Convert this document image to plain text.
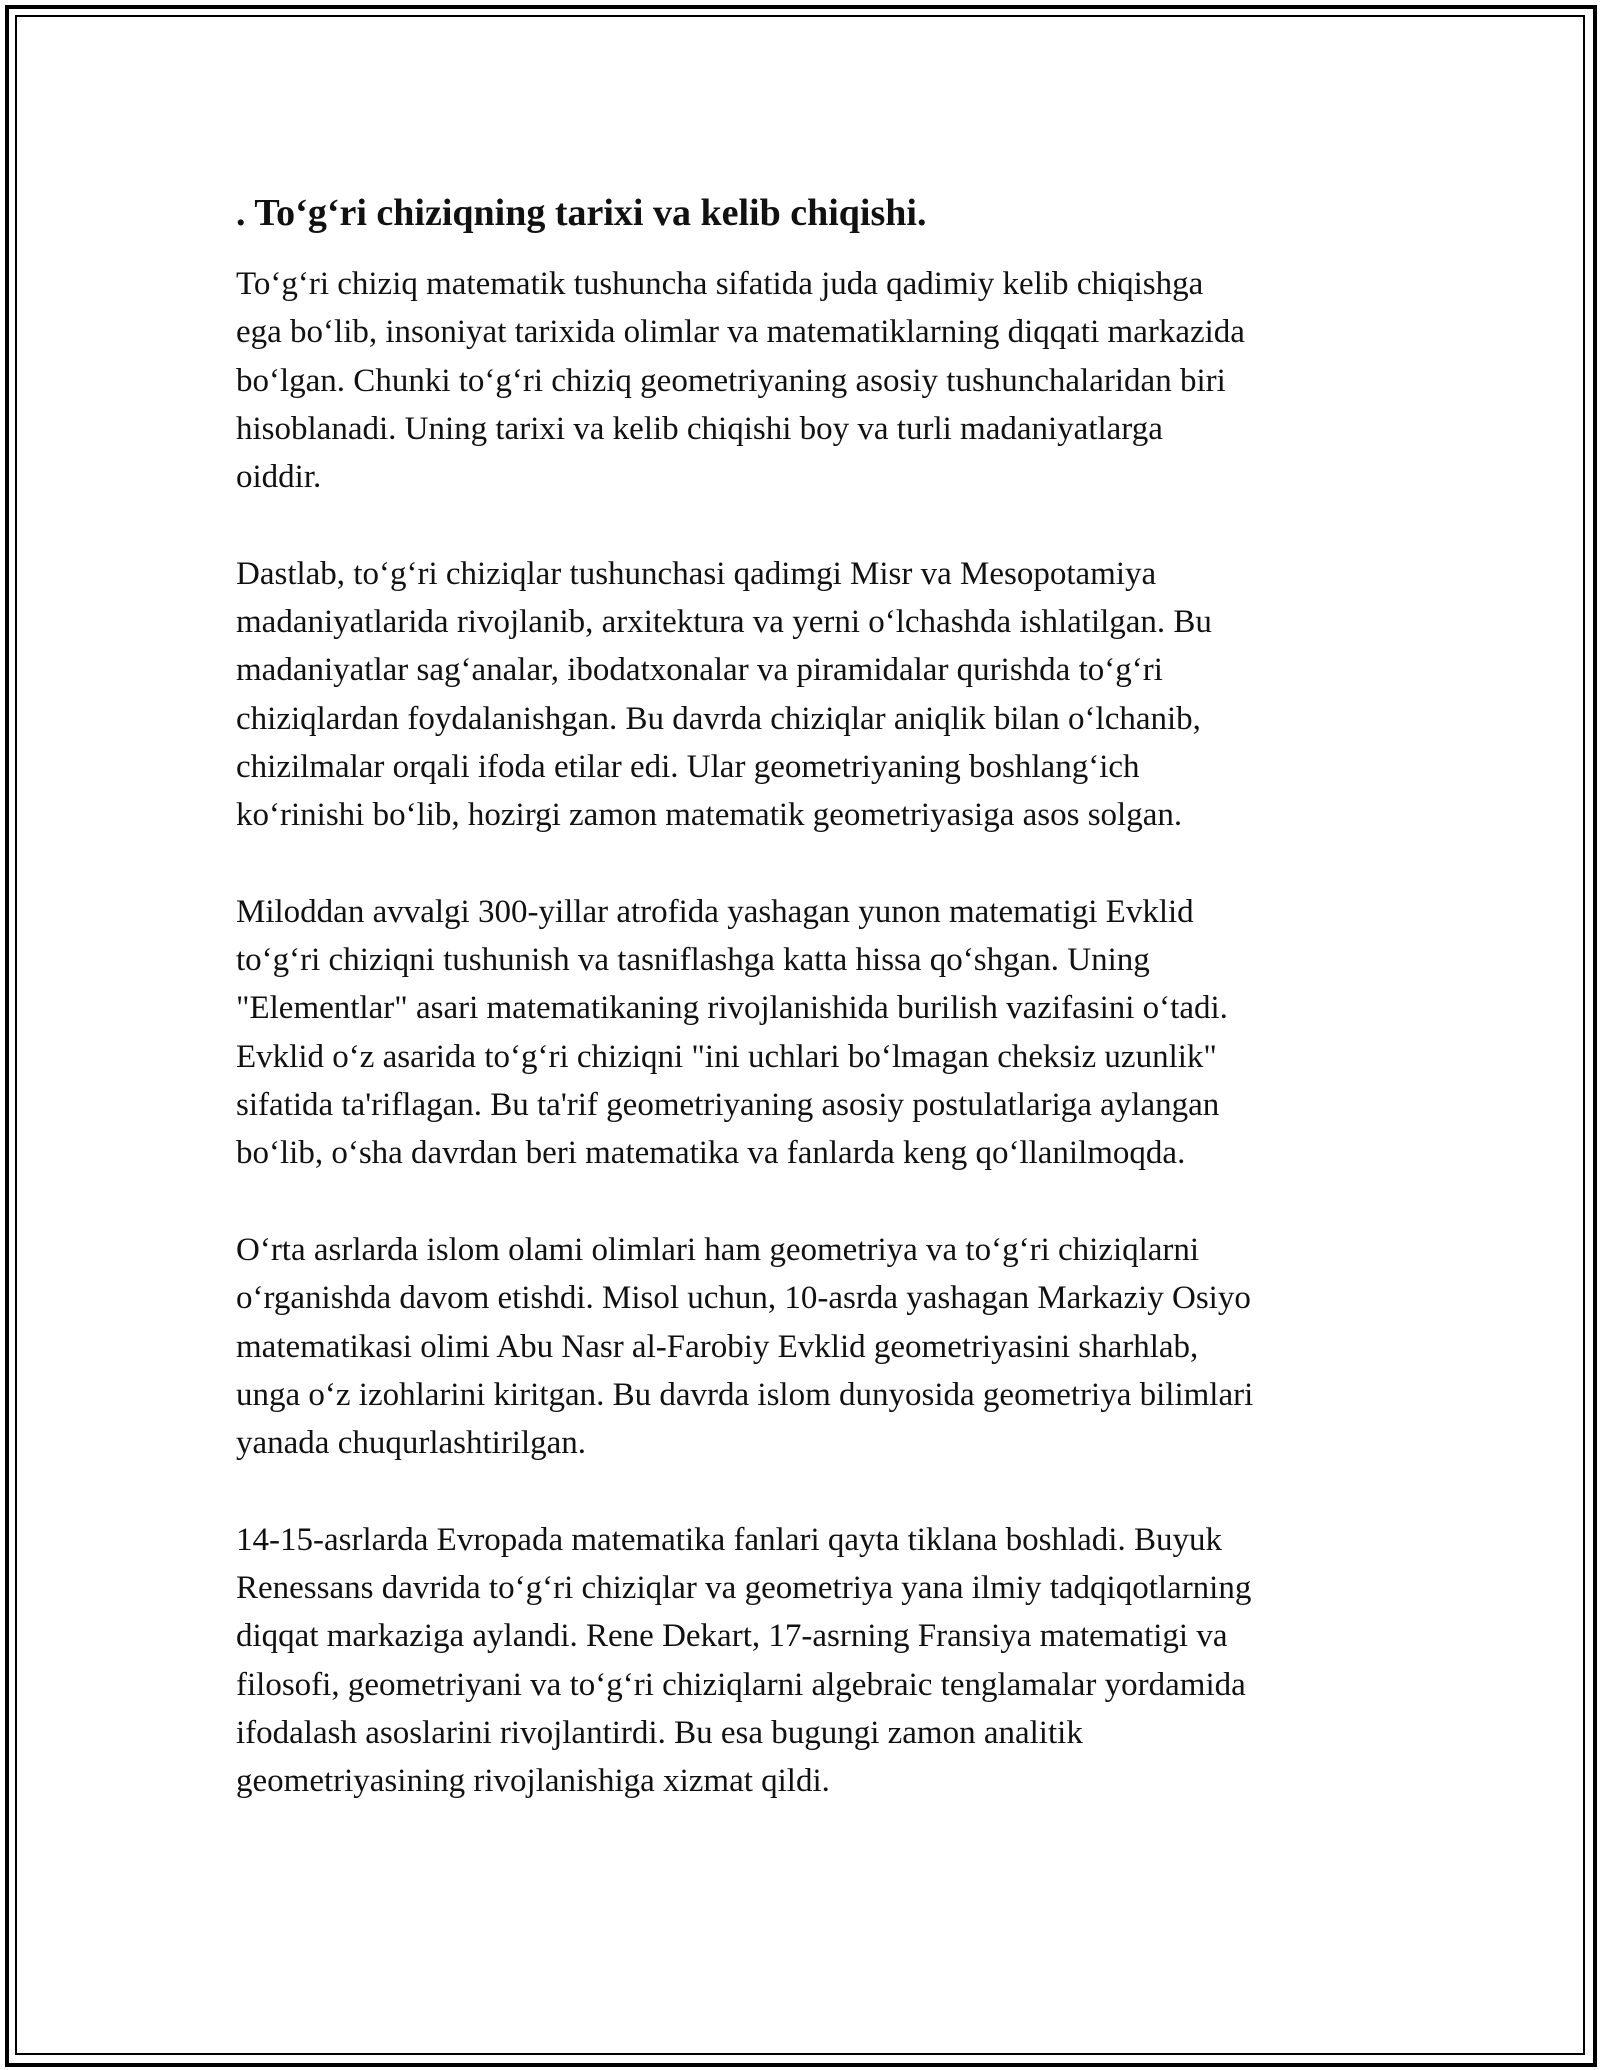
. To‘g‘ri chiziqning tarixi va kelib chiqishi.

To‘g‘ri chiziq matematik tushuncha sifatida juda qadimiy kelib chiqishga
ega bo‘lib, insoniyat tarixida olimlar va matematiklarning diqqati markazida
bo‘lgan. Chunki to‘g‘ri chiziq geometriyaning asosiy tushunchalaridan biri
hisoblanadi. Uning tarixi va kelib chiqishi boy va turli madaniyatlarga
oiddir.

Dastlab, to‘g‘ri chiziqlar tushunchasi qadimgi Misr va Mesopotamiya
madaniyatlarida rivojlanib, arxitektura va yerni o‘lchashda ishlatilgan. Bu
madaniyatlar sag‘analar, ibodatxonalar va piramidalar qurishda to‘g‘ri
chiziqlardan foydalanishgan. Bu davrda chiziqlar aniqlik bilan o‘lchanib,
chizilmalar orqali ifoda etilar edi. Ular geometriyaning boshlang‘ich
ko‘rinishi bo‘lib, hozirgi zamon matematik geometriyasiga asos solgan.

Miloddan avvalgi 300-yillar atrofida yashagan yunon matematigi Evklid
to‘g‘ri chiziqni tushunish va tasniflashga katta hissa qo‘shgan. Uning
"Elementlar" asari matematikaning rivojlanishida burilish vazifasini o‘tadi.
Evklid o‘z asarida to‘g‘ri chiziqni "ini uchlari bo‘lmagan cheksiz uzunlik"
sifatida ta'riflagan. Bu ta'rif geometriyaning asosiy postulatlariga aylangan
bo‘lib, o‘sha davrdan beri matematika va fanlarda keng qo‘llanilmoqda.

O‘rta asrlarda islom olami olimlari ham geometriya va to‘g‘ri chiziqlarni
o‘rganishda davom etishdi. Misol uchun, 10-asrda yashagan Markaziy Osiyo
matematikasi olimi Abu Nasr al-Farobiy Evklid geometriyasini sharhlab,
unga o‘z izohlarini kiritgan. Bu davrda islom dunyosida geometriya bilimlari
yanada chuqurlashtirilgan.

14-15-asrlarda Evropada matematika fanlari qayta tiklana boshladi. Buyuk
Renessans davrida to‘g‘ri chiziqlar va geometriya yana ilmiy tadqiqotlarning
diqqat markaziga aylandi. Rene Dekart, 17-asrning Fransiya matematigi va
filosofi, geometriyani va to‘g‘ri chiziqlarni algebraic tenglamalar yordamida
ifodalash asoslarini rivojlantirdi. Bu esa bugungi zamon analitik
geometriyasining rivojlanishiga xizmat qildi.
